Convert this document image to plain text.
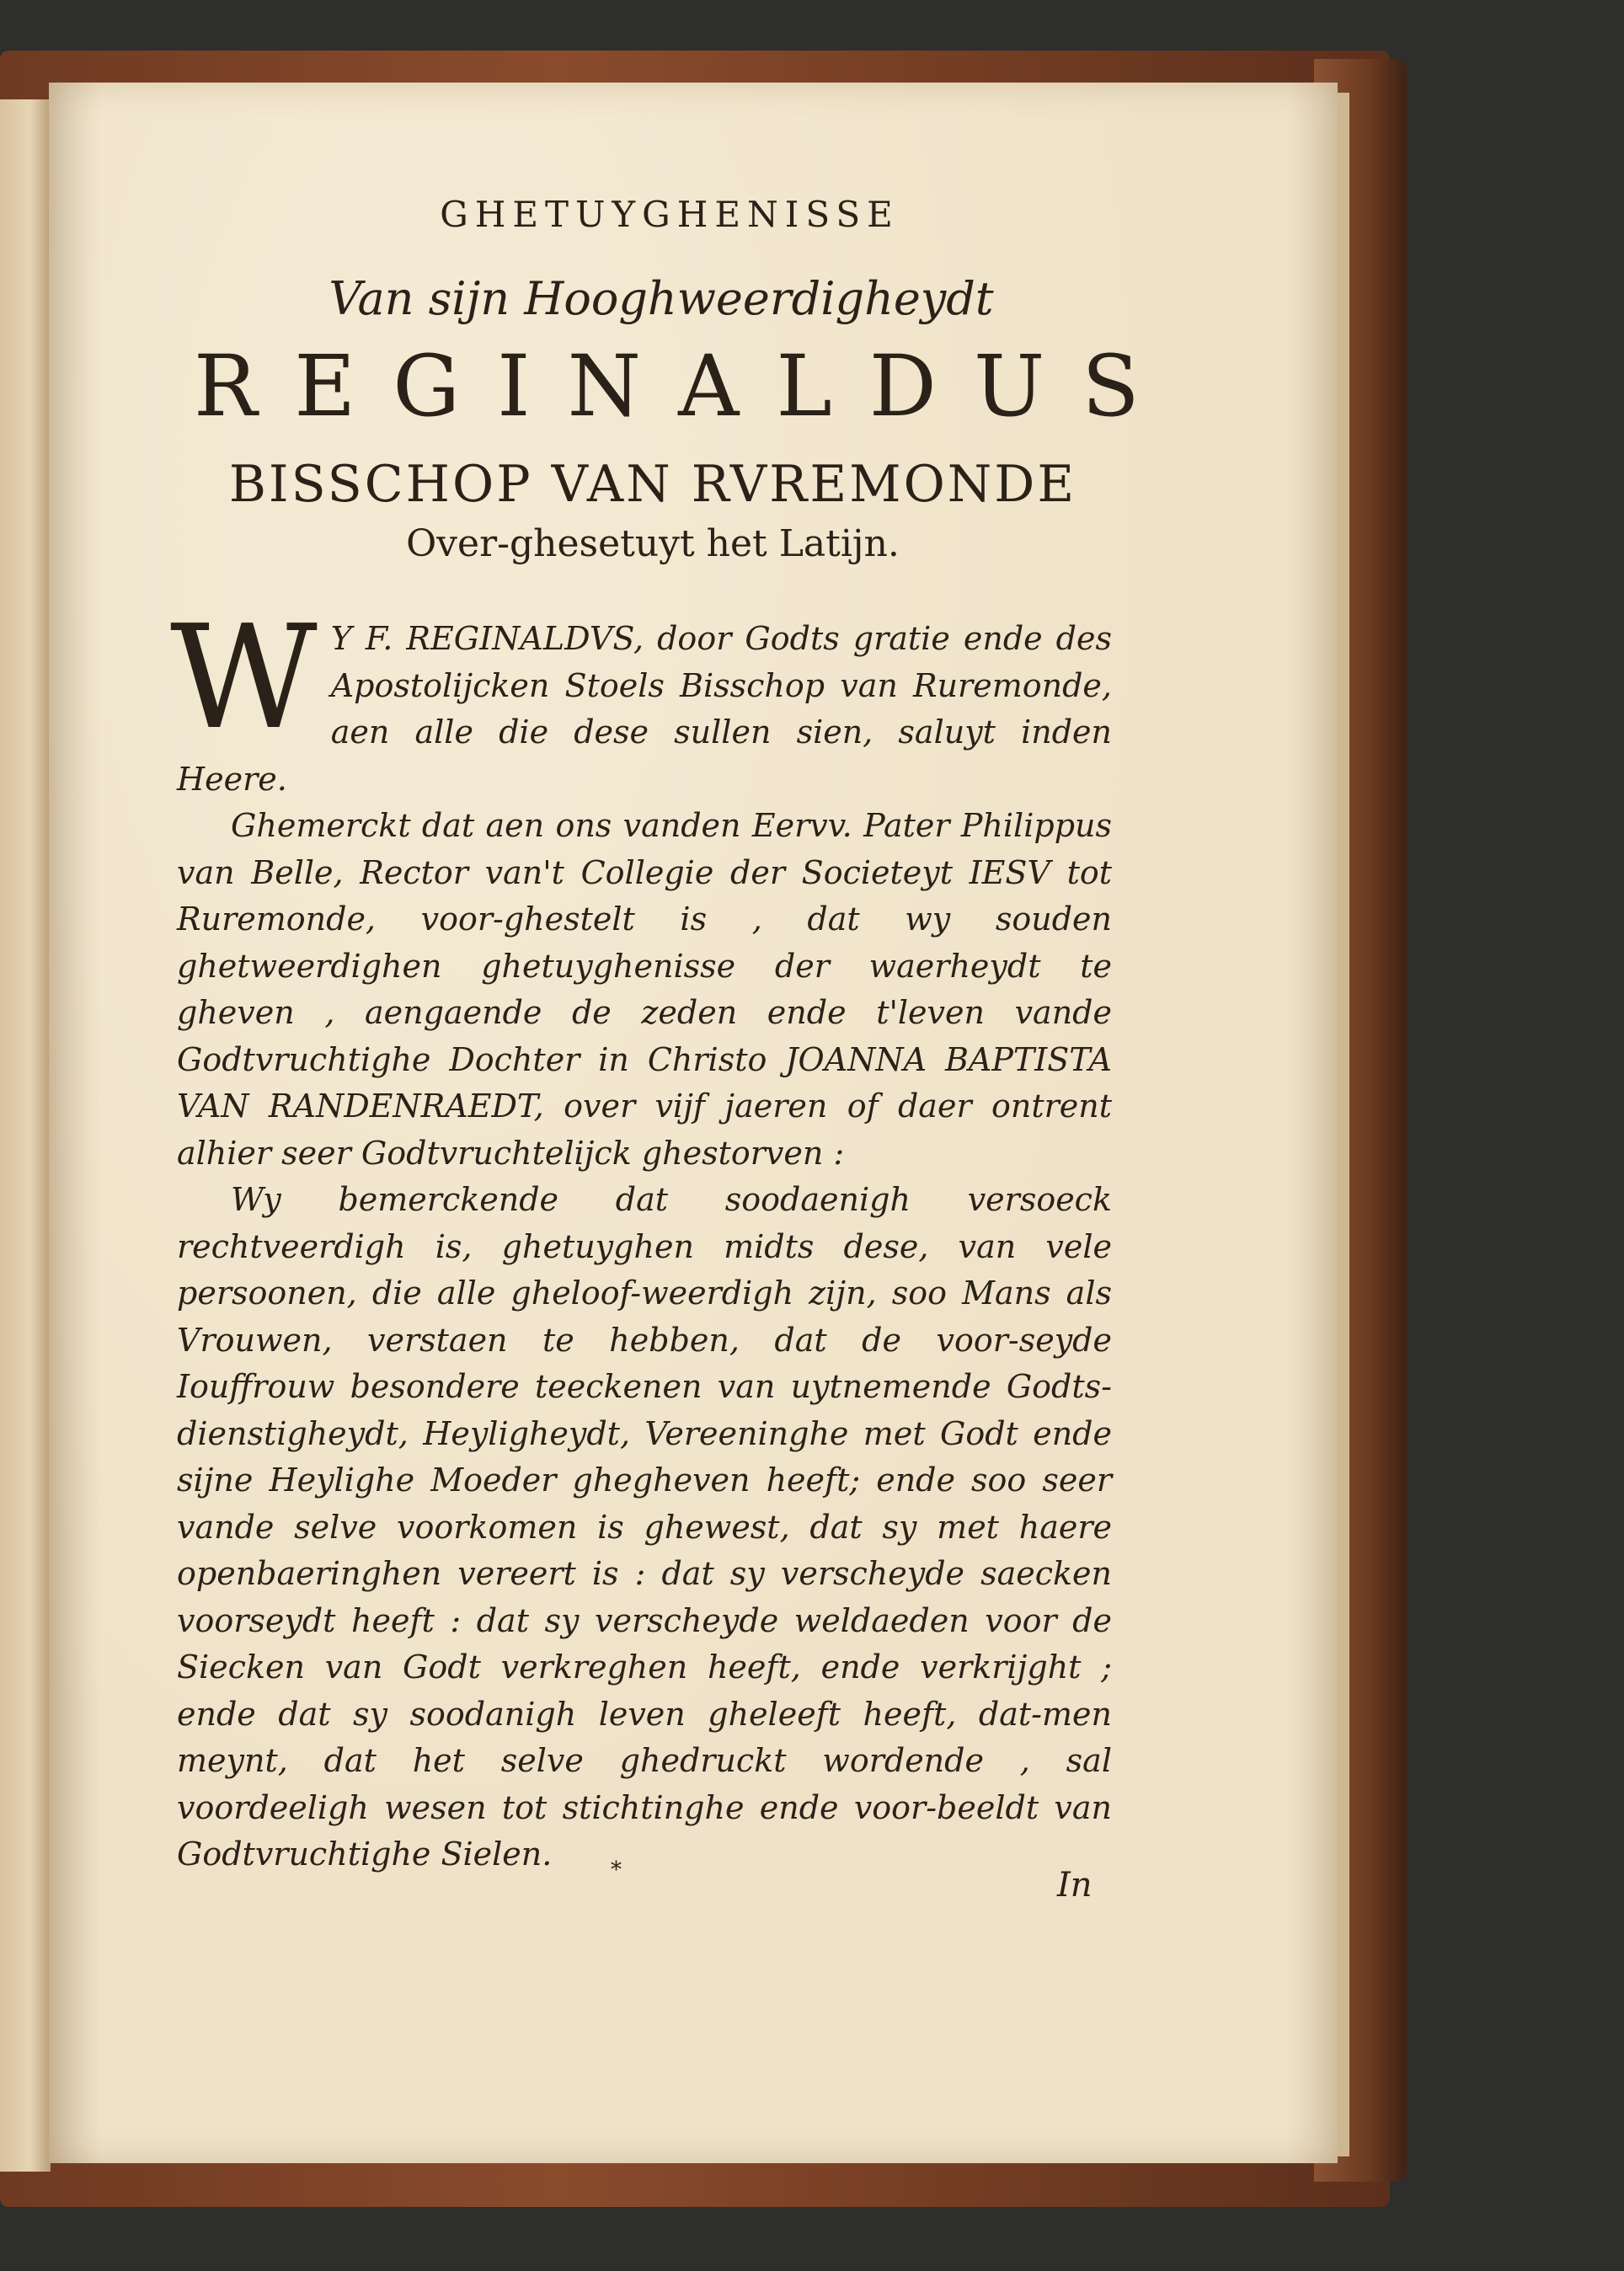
GHETUYGHENISSE
Van sijn Hooghweerdigheydt
REGINALDUS
BISSCHOP VAN RVREMONDE
Over-ghesetuyt het Latijn.
W Y F. REGINALDVS, door Godts gratie ende des Apostolijcken Stoels Bisschop van Ruremonde, aen alle die dese sullen sien, saluyt inden Heere.

Ghemerckt dat aen ons vanden Eervv. Pater Philippus van Belle, Rector van't Collegie der Societeyt IESV tot Ruremonde, voor-ghestelt is , dat wy souden ghetweerdighen ghetuyghenisse der waerheydt te gheven , aengaende de zeden ende t'leven vande Godtvruchtighe Dochter in Christo JOANNA BAPTISTA VAN RANDENRAEDT, over vijf jaeren of daer ontrent alhier seer Godtvruchtelijck ghestorven :

Wy bemerckende dat soodaenigh versoeck rechtveerdigh is, ghetuyghen midts dese, van vele persoonen, die alle gheloof-weerdigh zijn, soo Mans als Vrouwen, verstaen te hebben, dat de voor-seyde Iouffrouw besondere teeckenen van uytnemende Godts-dienstigheydt, Heyligheydt, Vereeninghe met Godt ende sijne Heylighe Moeder ghegheven heeft; ende soo seer vande selve voorkomen is ghewest, dat sy met haere openbaeringhen vereert is : dat sy verscheyde saecken voorseydt heeft : dat sy verscheyde weldaeden voor de Siecken van Godt verkreghen heeft, ende verkrijght ; ende dat sy soodanigh leven gheleeft heeft, dat-men meynt, dat het selve ghedruckt wordende , sal voordeeligh wesen tot stichtinghe ende voor-beeldt van Godtvruchtighe Sielen.	*	In
